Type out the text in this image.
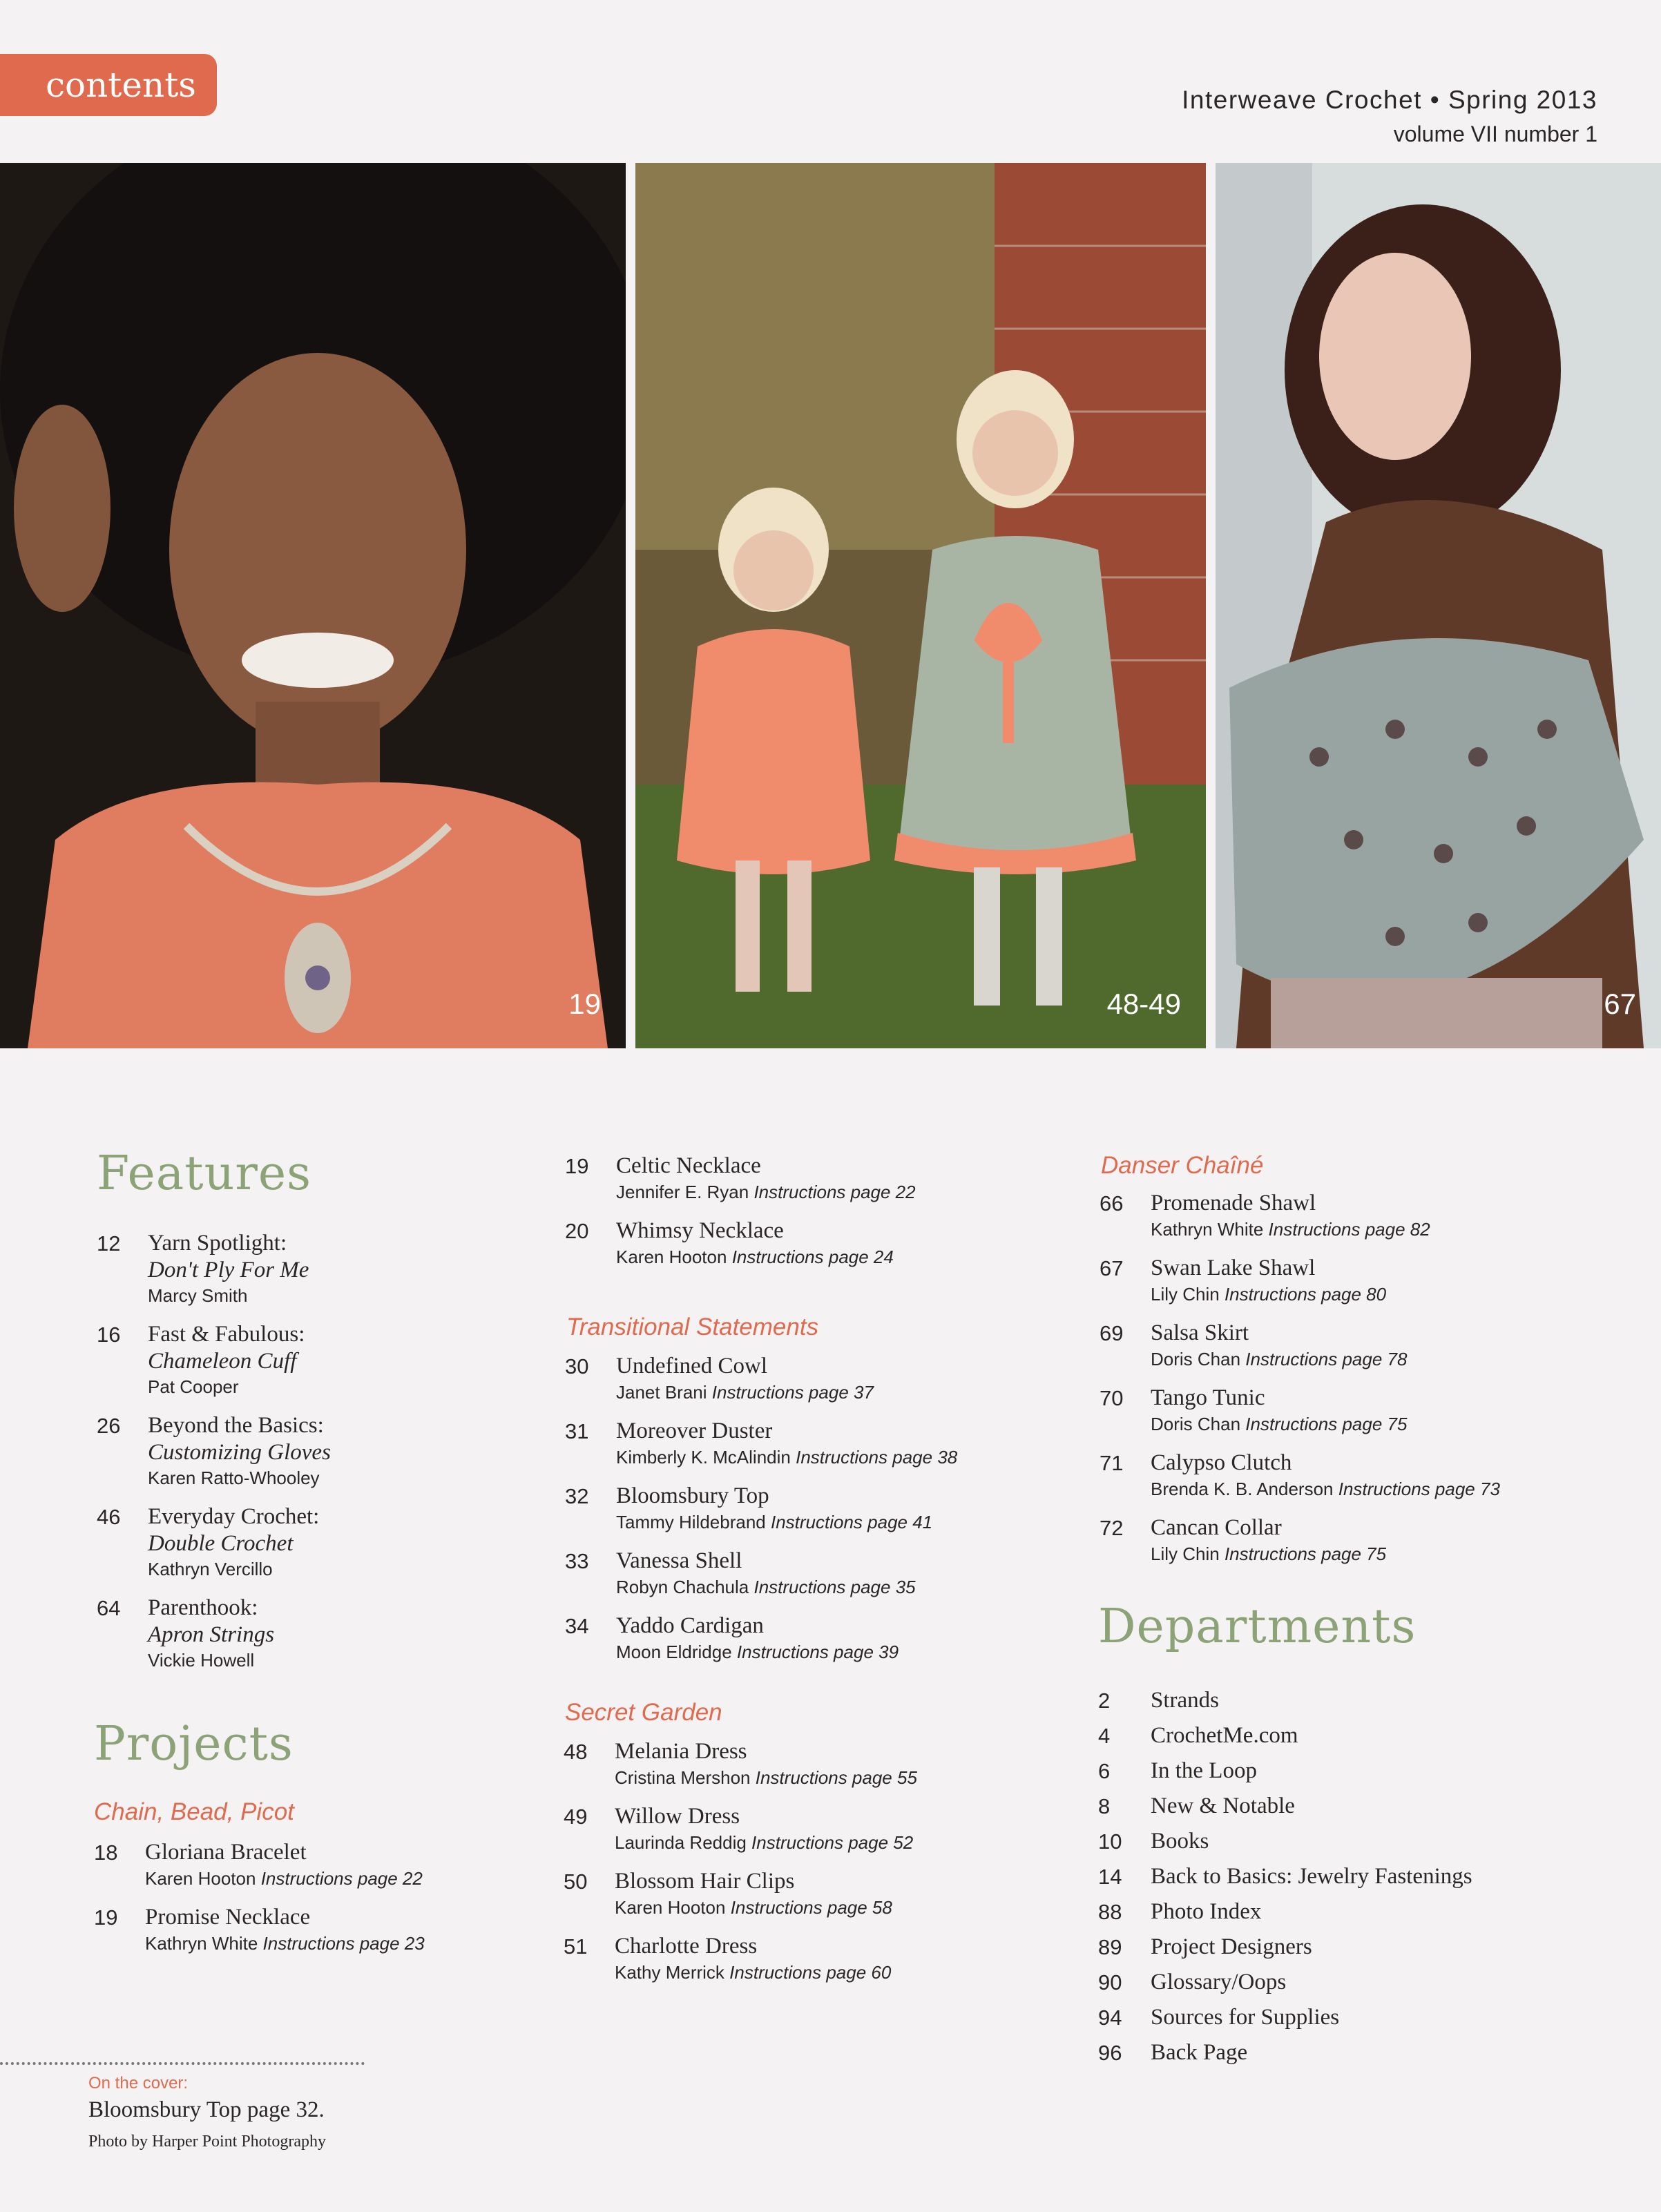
contents	Interweave Crochet • Spring 2013
volume VII number 1
19	48-49	67
Features
12	Yarn Spotlight:
Don't Ply For Me
Marcy Smith
16	Fast & Fabulous:
Chameleon Cuff
Pat Cooper
26	Beyond the Basics:
Customizing Gloves
Karen Ratto-Whooley
46	Everyday Crochet:
Double Crochet
Kathryn Vercillo
64	Parenthook:
Apron Strings
Vickie Howell
Projects
Chain, Bead, Picot
18	Gloriana Bracelet
Karen Hooton Instructions page 22
19	Promise Necklace
Kathryn White Instructions page 23
19	Celtic Necklace
Jennifer E. Ryan Instructions page 22
20	Whimsy Necklace
Karen Hooton Instructions page 24
Transitional Statements
30	Undefined Cowl
Janet Brani Instructions page 37
31	Moreover Duster
Kimberly K. McAlindin Instructions page 38
32	Bloomsbury Top
Tammy Hildebrand Instructions page 41
33	Vanessa Shell
Robyn Chachula Instructions page 35
34	Yaddo Cardigan
Moon Eldridge Instructions page 39
Secret Garden
48	Melania Dress
Cristina Mershon Instructions page 55
49	Willow Dress
Laurinda Reddig Instructions page 52
50	Blossom Hair Clips
Karen Hooton Instructions page 58
51	Charlotte Dress
Kathy Merrick Instructions page 60
Danser Chaîné
66	Promenade Shawl
Kathryn White Instructions page 82
67	Swan Lake Shawl
Lily Chin Instructions page 80
69	Salsa Skirt
Doris Chan Instructions page 78
70	Tango Tunic
Doris Chan Instructions page 75
71	Calypso Clutch
Brenda K. B. Anderson Instructions page 73
72	Cancan Collar
Lily Chin Instructions page 75
Departments
2	Strands
4	CrochetMe.com
6	In the Loop
8	New & Notable
10	Books
14	Back to Basics: Jewelry Fastenings
88	Photo Index
89	Project Designers
90	Glossary/Oops
94	Sources for Supplies
96	Back Page
On the cover:
Bloomsbury Top page 32.
Photo by Harper Point Photography
